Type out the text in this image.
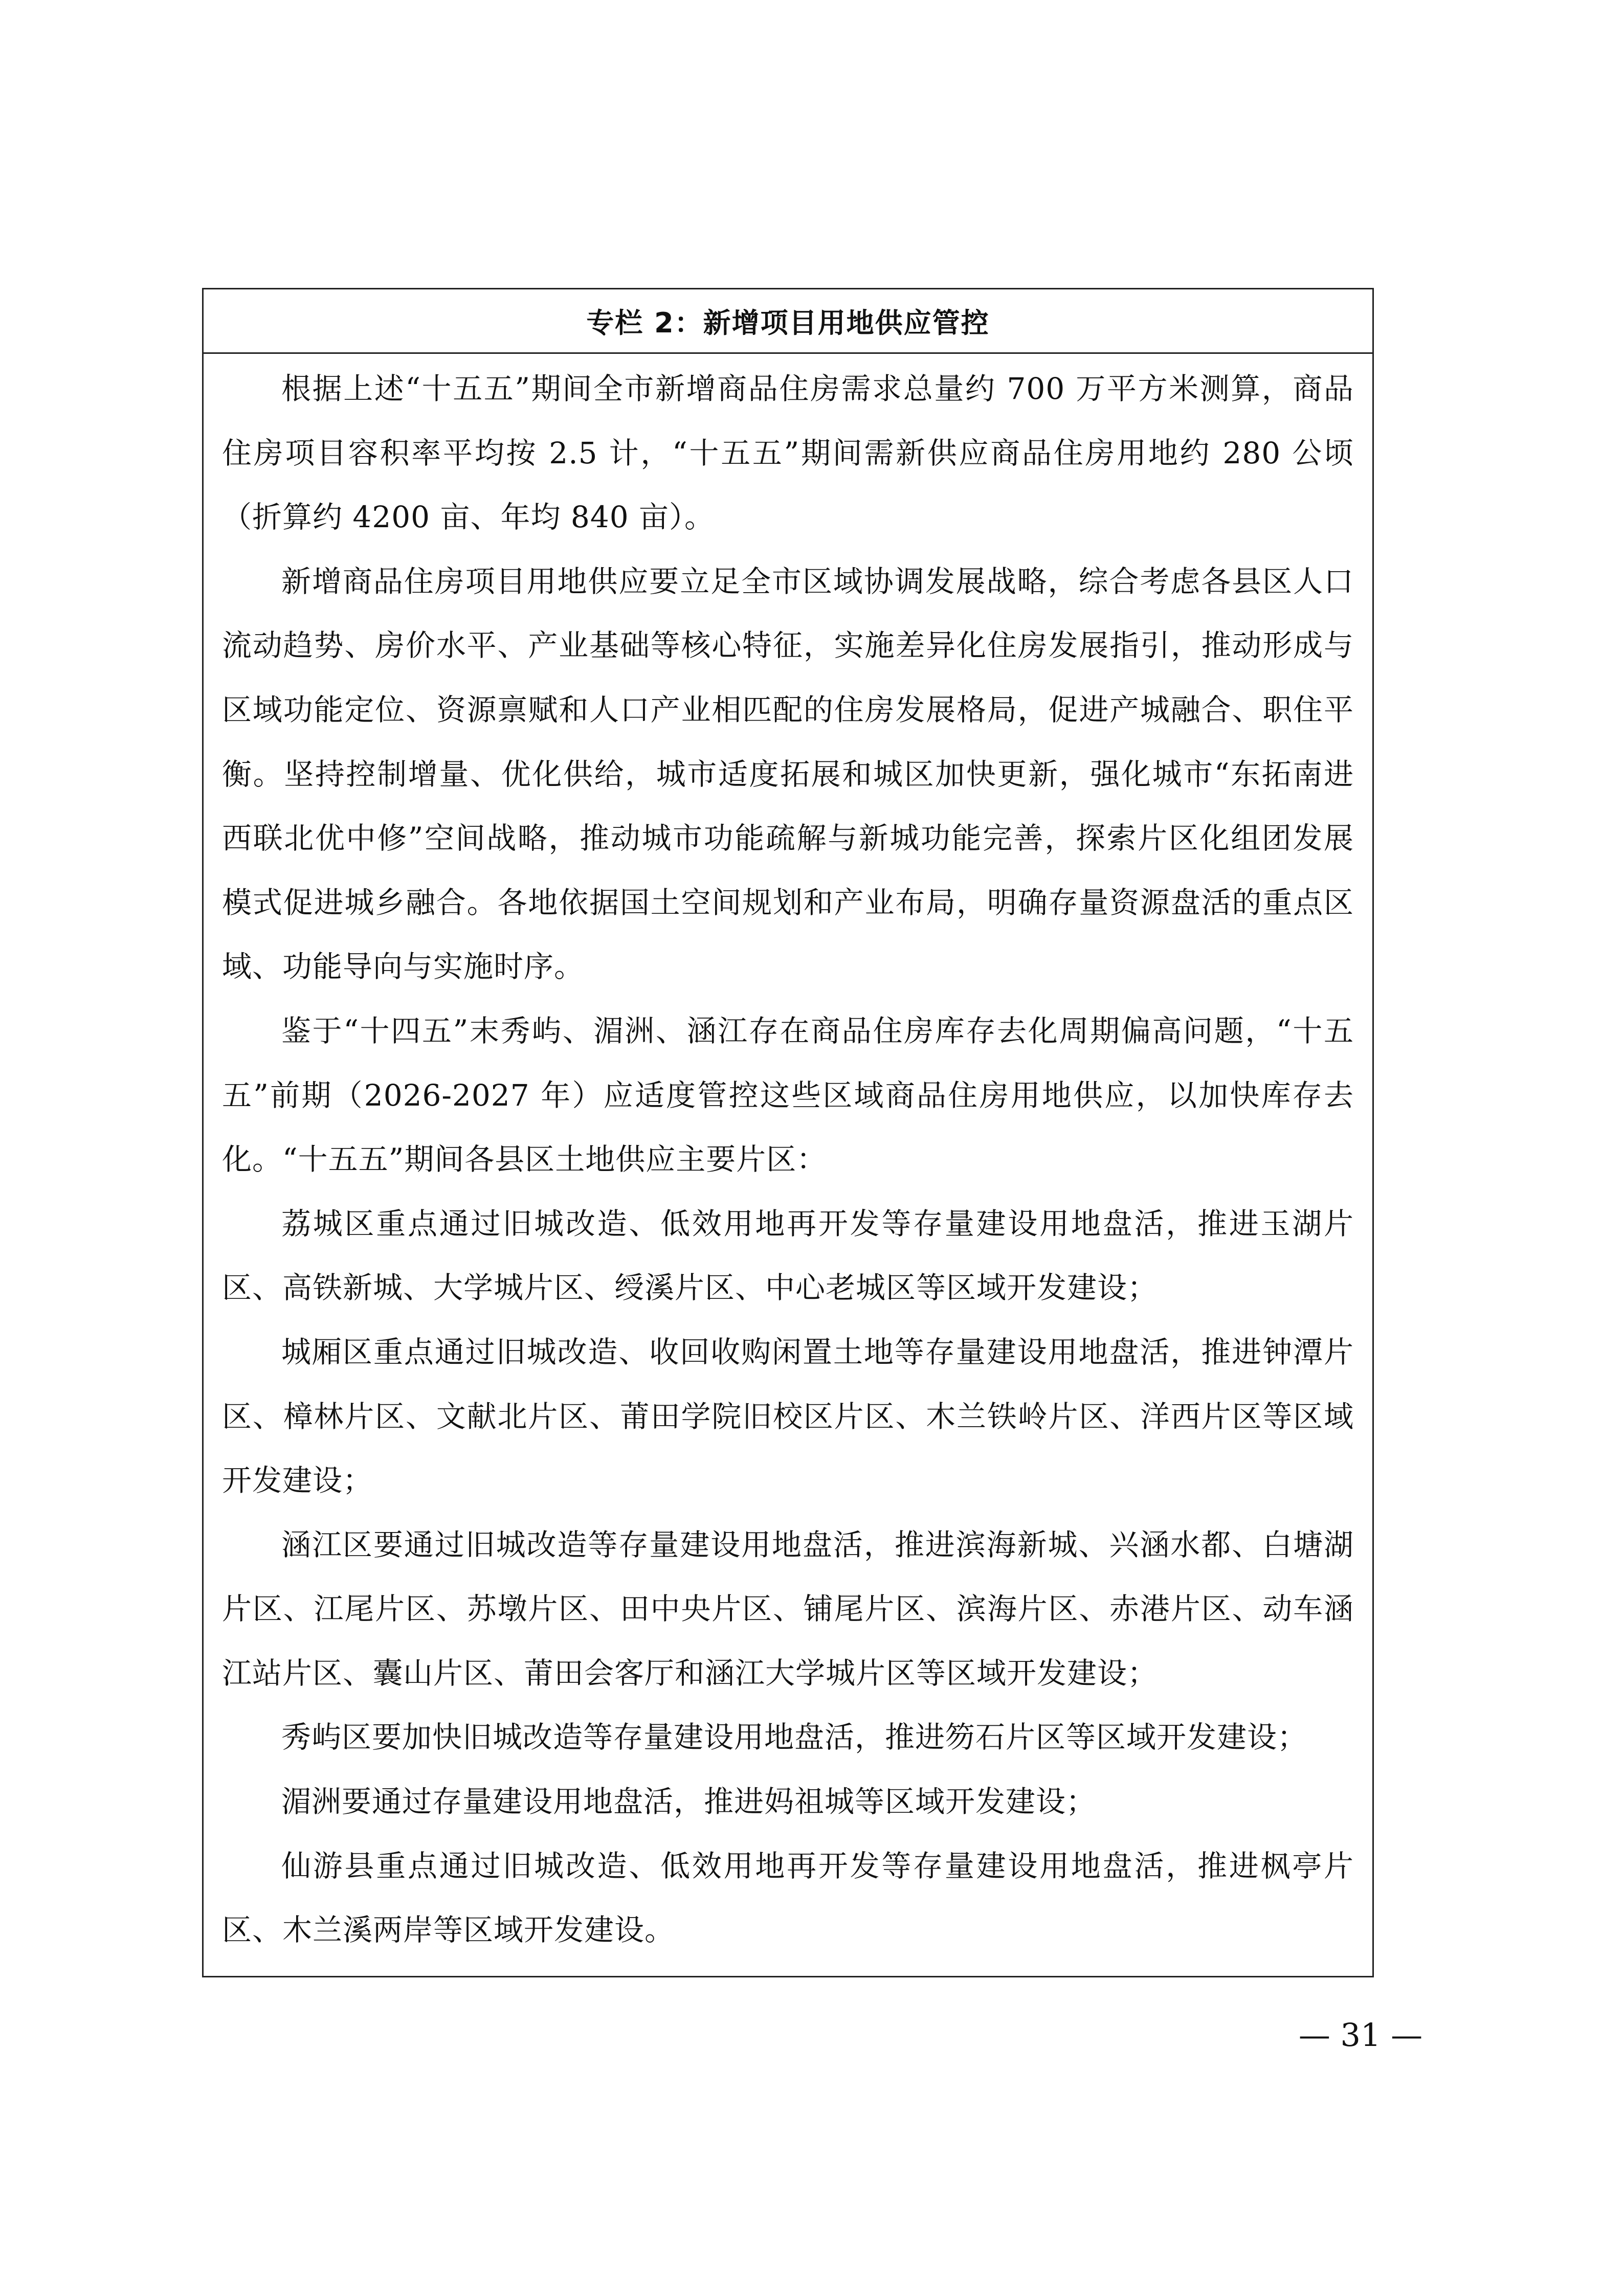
专栏 2：新增项目用地供应管控

根据上述“十五五”期间全市新增商品住房需求总量约 700 万平方米测算，商品住房项目容积率平均按 2.5 计，“十五五”期间需新供应商品住房用地约 280 公顷（折算约 4200 亩、年均 840 亩）。

新增商品住房项目用地供应要立足全市区域协调发展战略，综合考虑各县区人口流动趋势、房价水平、产业基础等核心特征，实施差异化住房发展指引，推动形成与区域功能定位、资源禀赋和人口产业相匹配的住房发展格局，促进产城融合、职住平衡。坚持控制增量、优化供给，城市适度拓展和城区加快更新，强化城市“东拓南进西联北优中修”空间战略，推动城市功能疏解与新城功能完善，探索片区化组团发展模式促进城乡融合。各地依据国土空间规划和产业布局，明确存量资源盘活的重点区域、功能导向与实施时序。

鉴于“十四五”末秀屿、湄洲、涵江存在商品住房库存去化周期偏高问题，“十五五”前期（2026-2027 年）应适度管控这些区域商品住房用地供应，以加快库存去化。“十五五”期间各县区土地供应主要片区：

荔城区重点通过旧城改造、低效用地再开发等存量建设用地盘活，推进玉湖片区、高铁新城、大学城片区、绶溪片区、中心老城区等区域开发建设；

城厢区重点通过旧城改造、收回收购闲置土地等存量建设用地盘活，推进钟潭片区、樟林片区、文献北片区、莆田学院旧校区片区、木兰铁岭片区、洋西片区等区域开发建设；

涵江区要通过旧城改造等存量建设用地盘活，推进滨海新城、兴涵水都、白塘湖片区、江尾片区、苏墩片区、田中央片区、铺尾片区、滨海片区、赤港片区、动车涵江站片区、囊山片区、莆田会客厅和涵江大学城片区等区域开发建设；

秀屿区要加快旧城改造等存量建设用地盘活，推进笏石片区等区域开发建设；

湄洲要通过存量建设用地盘活，推进妈祖城等区域开发建设；

仙游县重点通过旧城改造、低效用地再开发等存量建设用地盘活，推进枫亭片区、木兰溪两岸等区域开发建设。

— 31 —
